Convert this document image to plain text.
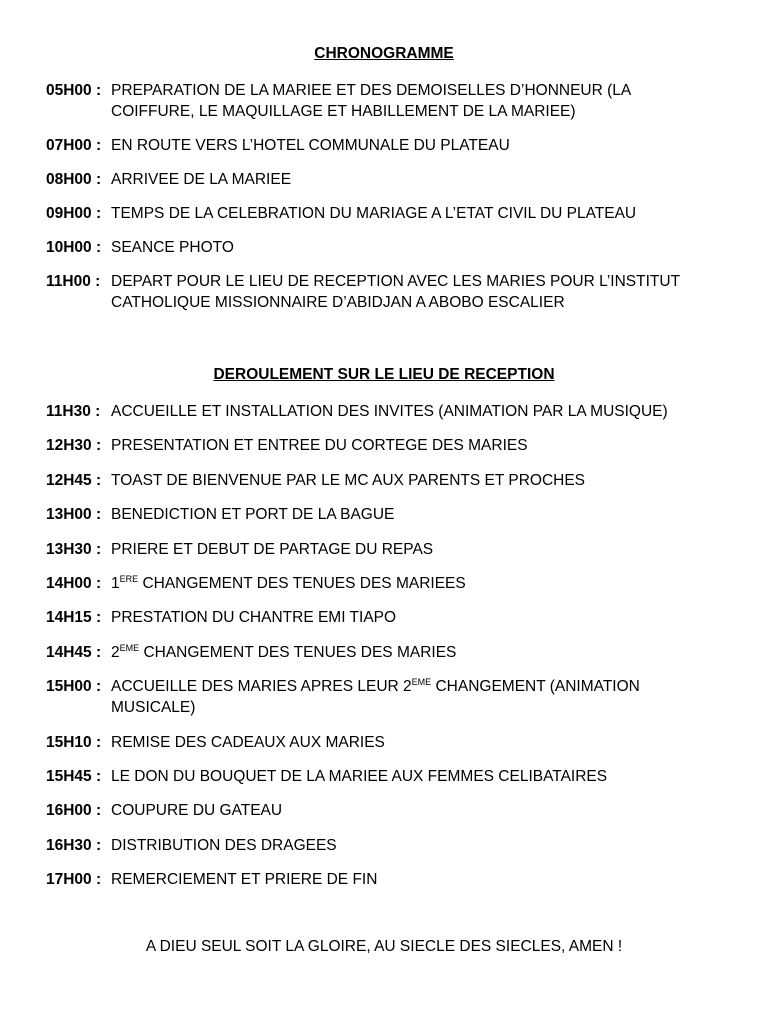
CHRONOGRAMME
05H00 : PREPARATION DE LA MARIEE ET DES DEMOISELLES D’HONNEUR (LA
COIFFURE, LE MAQUILLAGE ET HABILLEMENT DE LA MARIEE)
07H00 : EN ROUTE VERS L’HOTEL COMMUNALE DU PLATEAU
08H00 : ARRIVEE DE LA MARIEE
09H00 : TEMPS DE LA CELEBRATION DU MARIAGE A L’ETAT CIVIL DU PLATEAU
10H00 : SEANCE PHOTO
11H00 : DEPART POUR LE LIEU DE RECEPTION AVEC LES MARIES POUR L’INSTITUT
CATHOLIQUE MISSIONNAIRE D’ABIDJAN A ABOBO ESCALIER
DEROULEMENT SUR LE LIEU DE RECEPTION
11H30 : ACCUEILLE ET INSTALLATION DES INVITES (ANIMATION PAR LA MUSIQUE)
12H30 : PRESENTATION ET ENTREE DU CORTEGE DES MARIES
12H45 : TOAST DE BIENVENUE PAR LE MC AUX PARENTS ET PROCHES
13H00 : BENEDICTION ET PORT DE LA BAGUE
13H30 : PRIERE ET DEBUT DE PARTAGE DU REPAS
14H00 : 1ERE CHANGEMENT DES TENUES DES MARIEES
14H15 : PRESTATION DU CHANTRE EMI TIAPO
14H45 : 2EME CHANGEMENT DES TENUES DES MARIES
15H00 : ACCUEILLE DES MARIES APRES LEUR 2EME CHANGEMENT (ANIMATION
MUSICALE)
15H10 : REMISE DES CADEAUX AUX MARIES
15H45 : LE DON DU BOUQUET DE LA MARIEE AUX FEMMES CELIBATAIRES
16H00 : COUPURE DU GATEAU
16H30 : DISTRIBUTION DES DRAGEES
17H00 : REMERCIEMENT ET PRIERE DE FIN
A DIEU SEUL SOIT LA GLOIRE, AU SIECLE DES SIECLES, AMEN !
